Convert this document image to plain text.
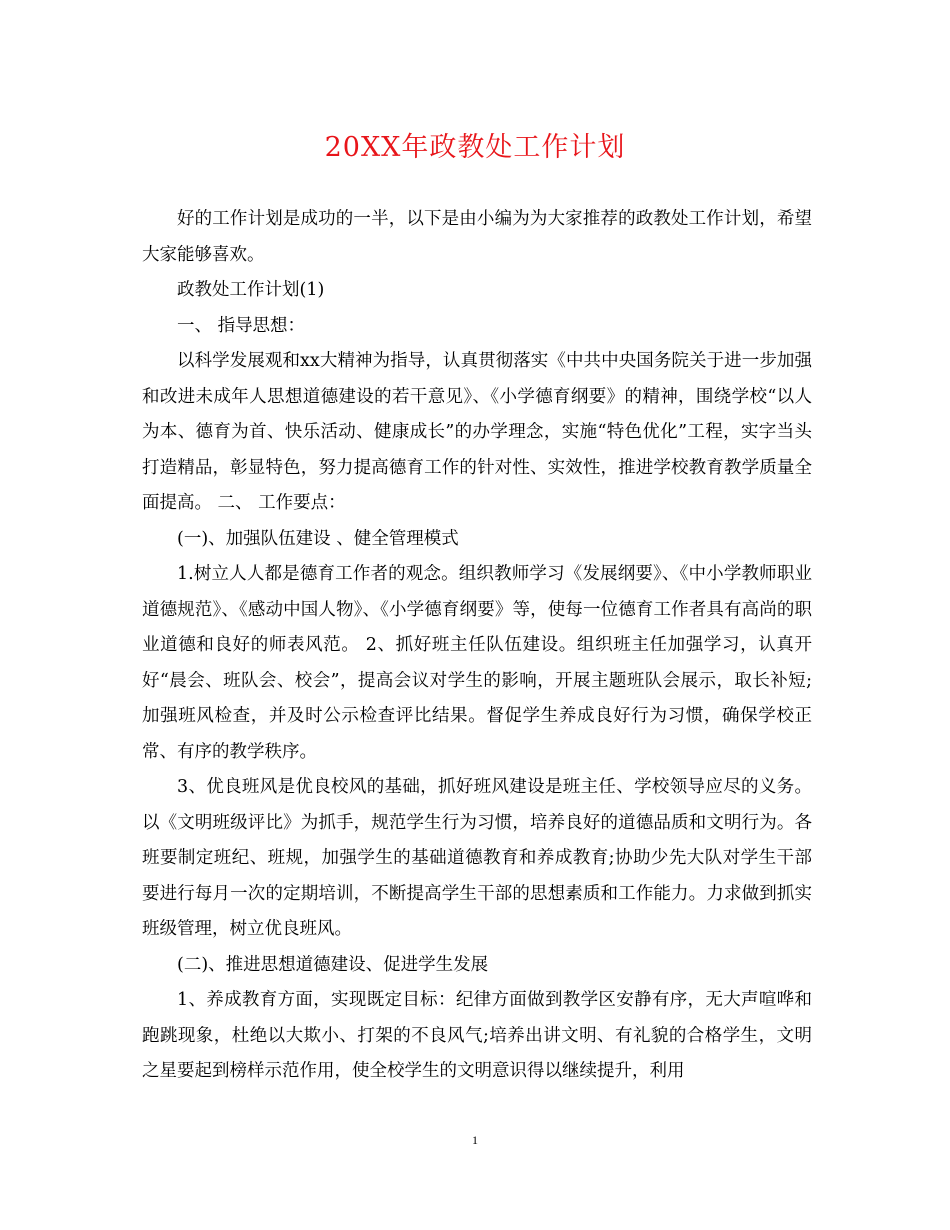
20XX年政教处工作计划

好的工作计划是成功的一半，以下是由小编为为大家推荐的政教处工作计划，希望大家能够喜欢。

政教处工作计划(1)

一、 指导思想：

以科学发展观和xx大精神为指导，认真贯彻落实《中共中央国务院关于进一步加强和改进未成年人思想道德建设的若干意见》、《小学德育纲要》的精神，围绕学校“以人为本、德育为首、快乐活动、健康成长”的办学理念，实施“特色优化”工程，实字当头打造精品，彰显特色，努力提高德育工作的针对性、实效性，推进学校教育教学质量全面提高。 二、 工作要点：

(一)、加强队伍建设 、健全管理模式

1.树立人人都是德育工作者的观念。组织教师学习《发展纲要》、《中小学教师职业道德规范》、《感动中国人物》、《小学德育纲要》等，使每一位德育工作者具有高尚的职业道德和良好的师表风范。 2、抓好班主任队伍建设。组织班主任加强学习，认真开好“晨会、班队会、校会”，提高会议对学生的影响，开展主题班队会展示，取长补短;加强班风检查，并及时公示检查评比结果。督促学生养成良好行为习惯，确保学校正常、有序的教学秩序。

3、优良班风是优良校风的基础，抓好班风建设是班主任、学校领导应尽的义务。以《文明班级评比》为抓手，规范学生行为习惯，培养良好的道德品质和文明行为。各班要制定班纪、班规，加强学生的基础道德教育和养成教育;协助少先大队对学生干部要进行每月一次的定期培训，不断提高学生干部的思想素质和工作能力。力求做到抓实班级管理，树立优良班风。

(二)、推进思想道德建设、促进学生发展

1、养成教育方面，实现既定目标：纪律方面做到教学区安静有序，无大声喧哗和跑跳现象，杜绝以大欺小、打架的不良风气;培养出讲文明、有礼貌的合格学生，文明之星要起到榜样示范作用，使全校学生的文明意识得以继续提升，利用

1
